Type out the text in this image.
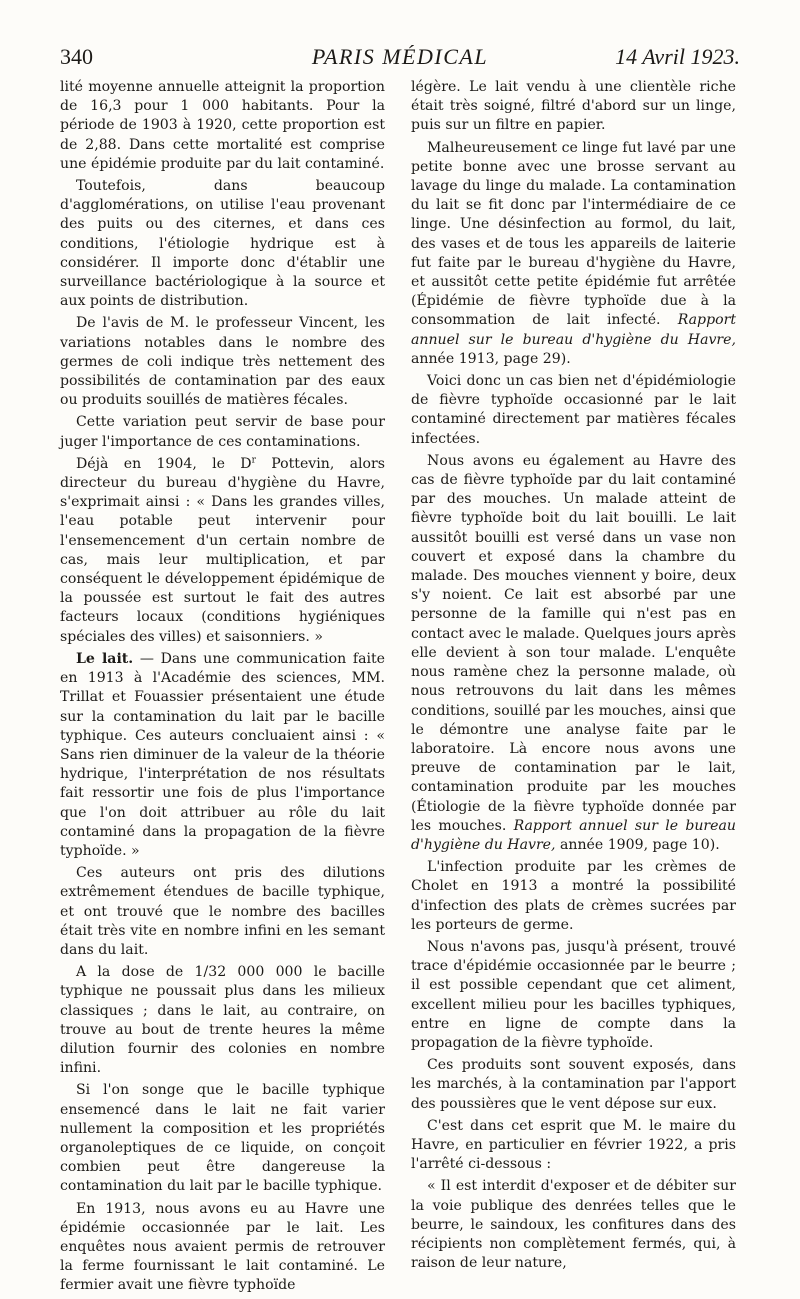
340	PARIS MÉDICAL	14 Avril 1923.

lité moyenne annuelle atteignit la proportion de 16,3 pour 1 000 habitants. Pour la période de 1903 à 1920, cette proportion est de 2,88. Dans cette mortalité est comprise une épidémie produite par du lait contaminé.

Toutefois, dans beaucoup d'agglomérations, on utilise l'eau provenant des puits ou des citernes, et dans ces conditions, l'étiologie hydrique est à considérer. Il importe donc d'établir une surveillance bactériologique à la source et aux points de distribution.

De l'avis de M. le professeur Vincent, les variations notables dans le nombre des germes de coli indique très nettement des possibilités de contamination par des eaux ou produits souillés de matières fécales.

Cette variation peut servir de base pour juger l'importance de ces contaminations.

Déjà en 1904, le $D^r$ Pottevin, alors directeur du bureau d'hygiène du Havre, s'exprimait ainsi : « Dans les grandes villes, l'eau potable peut intervenir pour l'ensemencement d'un certain nombre de cas, mais leur multiplication, et par conséquent le développement épidémique de la poussée est surtout le fait des autres facteurs locaux (conditions hygiéniques spéciales des villes) et saisonniers. »

Le lait. — Dans une communication faite en 1913 à l'Académie des sciences, MM. Trillat et Fouassier présentaient une étude sur la contamination du lait par le bacille typhique. Ces auteurs concluaient ainsi : « Sans rien diminuer de la valeur de la théorie hydrique, l'interprétation de nos résultats fait ressortir une fois de plus l'importance que l'on doit attribuer au rôle du lait contaminé dans la propagation de la fièvre typhoïde. »

Ces auteurs ont pris des dilutions extrêmement étendues de bacille typhique, et ont trouvé que le nombre des bacilles était très vite en nombre infini en les semant dans du lait.

A la dose de 1/32 000 000 le bacille typhique ne poussait plus dans les milieux classiques ; dans le lait, au contraire, on trouve au bout de trente heures la même dilution fournir des colonies en nombre infini.

Si l'on songe que le bacille typhique ensemencé dans le lait ne fait varier nullement la composition et les propriétés organoleptiques de ce liquide, on conçoit combien peut être dangereuse la contamination du lait par le bacille typhique.

En 1913, nous avons eu au Havre une épidémie occasionnée par le lait. Les enquêtes nous avaient permis de retrouver la ferme fournissant le lait contaminé. Le fermier avait une fièvre typhoïde

légère. Le lait vendu à une clientèle riche était très soigné, filtré d'abord sur un linge, puis sur un filtre en papier.

Malheureusement ce linge fut lavé par une petite bonne avec une brosse servant au lavage du linge du malade. La contamination du lait se fit donc par l'intermédiaire de ce linge. Une désinfection au formol, du lait, des vases et de tous les appareils de laiterie fut faite par le bureau d'hygiène du Havre, et aussitôt cette petite épidémie fut arrêtée (Épidémie de fièvre typhoïde due à la consommation de lait infecté. Rapport annuel sur le bureau d'hygiène du Havre, année 1913, page 29).

Voici donc un cas bien net d'épidémiologie de fièvre typhoïde occasionné par le lait contaminé directement par matières fécales infectées.

Nous avons eu également au Havre des cas de fièvre typhoïde par du lait contaminé par des mouches. Un malade atteint de fièvre typhoïde boit du lait bouilli. Le lait aussitôt bouilli est versé dans un vase non couvert et exposé dans la chambre du malade. Des mouches viennent y boire, deux s'y noient. Ce lait est absorbé par une personne de la famille qui n'est pas en contact avec le malade. Quelques jours après elle devient à son tour malade. L'enquête nous ramène chez la personne malade, où nous retrouvons du lait dans les mêmes conditions, souillé par les mouches, ainsi que le démontre une analyse faite par le laboratoire. Là encore nous avons une preuve de contamination par le lait, contamination produite par les mouches (Étiologie de la fièvre typhoïde donnée par les mouches. Rapport annuel sur le bureau d'hygiène du Havre, année 1909, page 10).

L'infection produite par les crèmes de Cholet en 1913 a montré la possibilité d'infection des plats de crèmes sucrées par les porteurs de germe.

Nous n'avons pas, jusqu'à présent, trouvé trace d'épidémie occasionnée par le beurre ; il est possible cependant que cet aliment, excellent milieu pour les bacilles typhiques, entre en ligne de compte dans la propagation de la fièvre typhoïde.

Ces produits sont souvent exposés, dans les marchés, à la contamination par l'apport des poussières que le vent dépose sur eux.

C'est dans cet esprit que M. le maire du Havre, en particulier en février 1922, a pris l'arrêté ci-dessous :

« Il est interdit d'exposer et de débiter sur la voie publique des denrées telles que le beurre, le saindoux, les confitures dans des récipients non complètement fermés, qui, à raison de leur nature,
